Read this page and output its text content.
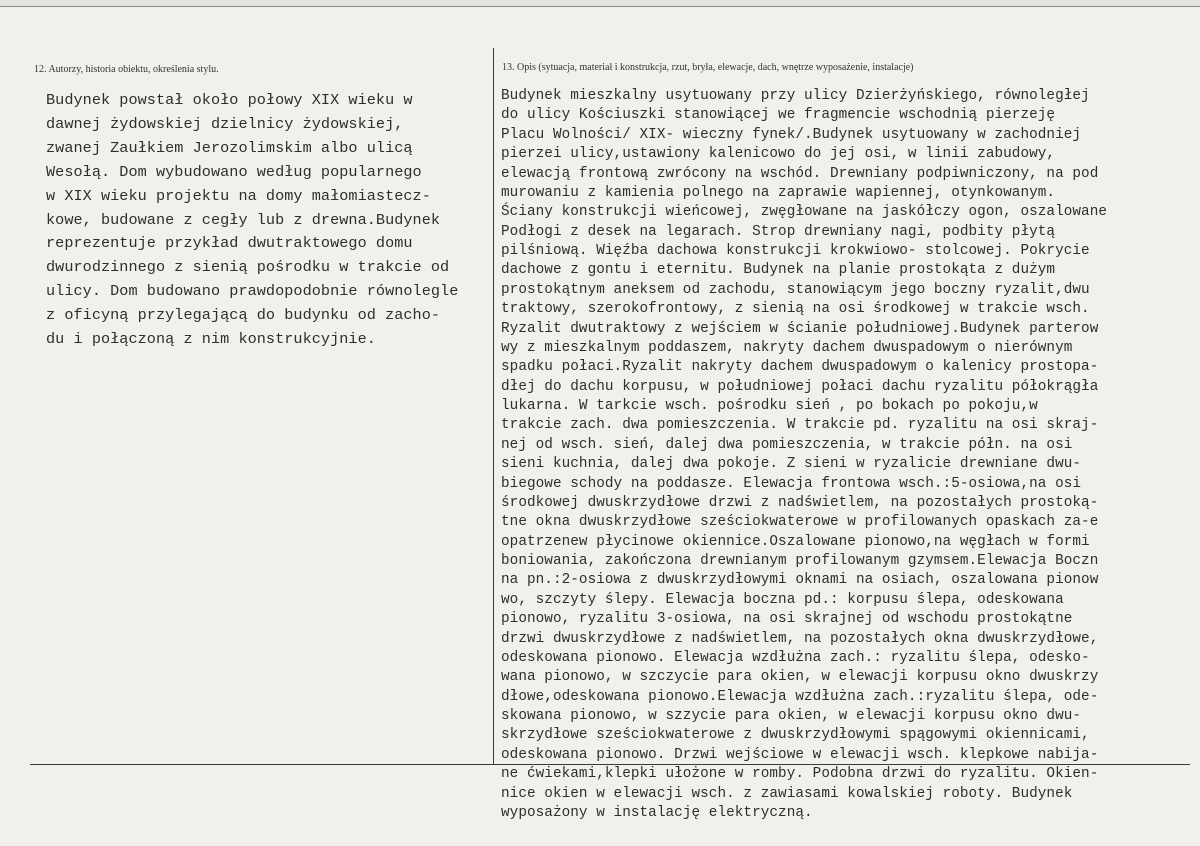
12. Autorzy, historia obiektu, określenia stylu.	13. Opis (sytuacja, materiał i konstrukcja, rzut, bryła, elewacje, dach, wnętrze wyposażenie, instalacje)
Budynek powstał około połowy XIX wieku w
dawnej żydowskiej dzielnicy żydowskiej,
zwanej Zaułkiem Jerozolimskim albo ulicą
Wesołą. Dom wybudowano według popularnego
w XIX wieku projektu na domy małomiastecz-
kowe, budowane z cegły lub z drewna.Budynek
reprezentuje przykład dwutraktowego domu
dwurodzinnego z sienią pośrodku w trakcie od
ulicy. Dom budowano prawdopodobnie równolegle
z oficyną przylegającą do budynku od zacho-
du i połączoną z nim konstrukcyjnie.
Budynek mieszkalny usytuowany przy ulicy Dzierżyńskiego, równoległej
do ulicy Kościuszki stanowiącej we fragmencie wschodnią pierzeję
Placu Wolności/ XIX- wieczny fynek/.Budynek usytuowany w zachodniej
pierzei ulicy,ustawiony kalenicowo do jej osi, w linii zabudowy,
elewacją frontową zwrócony na wschód. Drewniany podpiwniczony, na pod
murowaniu z kamienia polnego na zaprawie wapiennej, otynkowanym.
Ściany konstrukcji wieńcowej, zwęgłowane na jaskółczy ogon, oszalowane
Podłogi z desek na legarach. Strop drewniany nagi, podbity płytą
pilśniową. Więźba dachowa konstrukcji krokwiowo- stolcowej. Pokrycie
dachowe z gontu i eternitu. Budynek na planie prostokąta z dużym
prostokątnym aneksem od zachodu, stanowiącym jego boczny ryzalit,dwu
traktowy, szerokofrontowy, z sienią na osi środkowej w trakcie wsch.
Ryzalit dwutraktowy z wejściem w ścianie południowej.Budynek parterow
wy z mieszkalnym poddaszem, nakryty dachem dwuspadowym o nierównym
spadku połaci.Ryzalit nakryty dachem dwuspadowym o kalenicy prostopa-
dłej do dachu korpusu, w południowej połaci dachu ryzalitu półokrągła
lukarna. W tarkcie wsch. pośrodku sień , po bokach po pokoju,w
trakcie zach. dwa pomieszczenia. W trakcie pd. ryzalitu na osi skraj-
nej od wsch. sień, dalej dwa pomieszczenia, w trakcie półn. na osi
sieni kuchnia, dalej dwa pokoje. Z sieni w ryzalicie drewniane dwu-
biegowe schody na poddasze. Elewacja frontowa wsch.:5-osiowa,na osi
środkowej dwuskrzydłowe drzwi z nadświetlem, na pozostałych prostoką-
tne okna dwuskrzydłowe sześciokwaterowe w profilowanych opaskach za-e
opatrzenew płycinowe okiennice.Oszalowane pionowo,na węgłach w formi
boniowania, zakończona drewnianym profilowanym gzymsem.Elewacja Boczn
na pn.:2-osiowa z dwuskrzydłowymi oknami na osiach, oszalowana pionow
wo, szczyty ślepy. Elewacja boczna pd.: korpusu ślepa, odeskowana
pionowo, ryzalitu 3-osiowa, na osi skrajnej od wschodu prostokątne
drzwi dwuskrzydłowe z nadświetlem, na pozostałych okna dwuskrzydłowe,
odeskowana pionowo. Elewacja wzdłużna zach.: ryzalitu ślepa, odesko-
wana pionowo, w szczycie para okien, w elewacji korpusu okno dwuskrzy
dłowe,odeskowana pionowo.Elewacja wzdłużna zach.:ryzalitu ślepa, ode-
skowana pionowo, w szzycie para okien, w elewacji korpusu okno dwu-
skrzydłowe sześciokwaterowe z dwuskrzydłowymi spągowymi okiennicami,
odeskowana pionowo. Drzwi wejściowe w elewacji wsch. klepkowe nabija-
ne ćwiekami,klepki ułożone w romby. Podobna drzwi do ryzalitu. Okien-
nice okien w elewacji wsch. z zawiasami kowalskiej roboty. Budynek
wyposażony w instalację elektryczną.
